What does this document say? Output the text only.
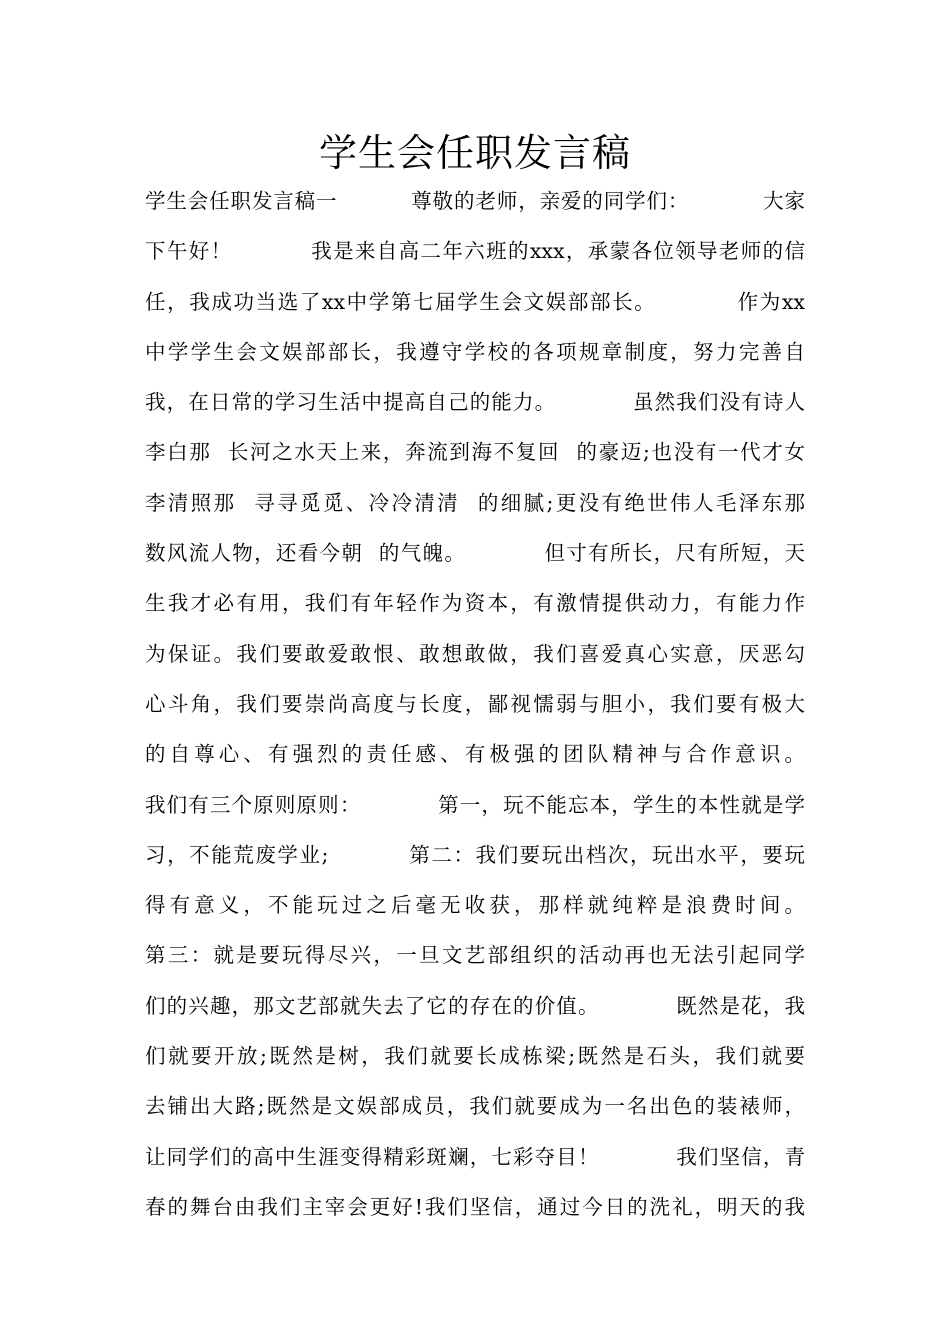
学生会任职发言稿
学生会任职发言稿一          尊敬的老师，亲爱的同学们：          大家
下午好！          我是来自高二年六班的xxx，承蒙各位领导老师的信
任，我成功当选了xx中学第七届学生会文娱部部长。          作为xx
中学学生会文娱部部长，我遵守学校的各项规章制度，努力完善自
我，在日常的学习生活中提高自己的能力。          虽然我们没有诗人
李白那  长河之水天上来，奔流到海不复回  的豪迈;也没有一代才女
李清照那  寻寻觅觅、冷冷清清  的细腻;更没有绝世伟人毛泽东那
数风流人物，还看今朝  的气魄。          但寸有所长，尺有所短，天
生我才必有用，我们有年轻作为资本，有激情提供动力，有能力作
为保证。我们要敢爱敢恨、敢想敢做，我们喜爱真心实意，厌恶勾
心斗角，我们要崇尚高度与长度，鄙视懦弱与胆小，我们要有极大
的自尊心、有强烈的责任感、有极强的团队精神与合作意识。
我们有三个原则原则：          第一，玩不能忘本，学生的本性就是学
习，不能荒废学业;          第二：我们要玩出档次，玩出水平，要玩
得有意义，不能玩过之后毫无收获，那样就纯粹是浪费时间。
第三：就是要玩得尽兴，一旦文艺部组织的活动再也无法引起同学
们的兴趣，那文艺部就失去了它的存在的价值。          既然是花，我
们就要开放;既然是树，我们就要长成栋梁;既然是石头，我们就要
去铺出大路;既然是文娱部成员，我们就要成为一名出色的装裱师，
让同学们的高中生涯变得精彩斑斓，七彩夺目！          我们坚信，青
春的舞台由我们主宰会更好!我们坚信，通过今日的洗礼，明天的我
